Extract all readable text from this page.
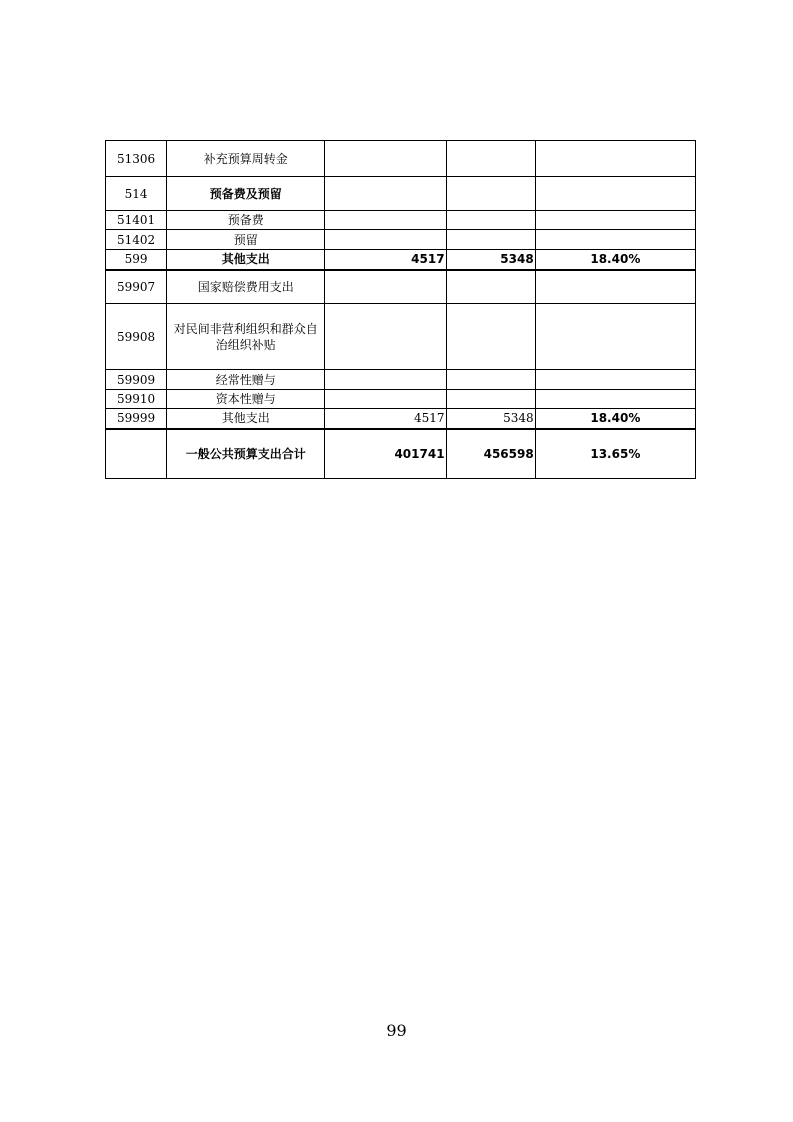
51306	补充预算周转金			
514	预备费及预留			
51401	预备费			
51402	预留			
599	其他支出	4517	5348	18.40%
59907	国家赔偿费用支出			
59908	对民间非营利组织和群众自治组织补贴			
59909	经常性赠与			
59910	资本性赠与			
59999	其他支出	4517	5348	18.40%
	一般公共预算支出合计	401741	456598	13.65%
99
